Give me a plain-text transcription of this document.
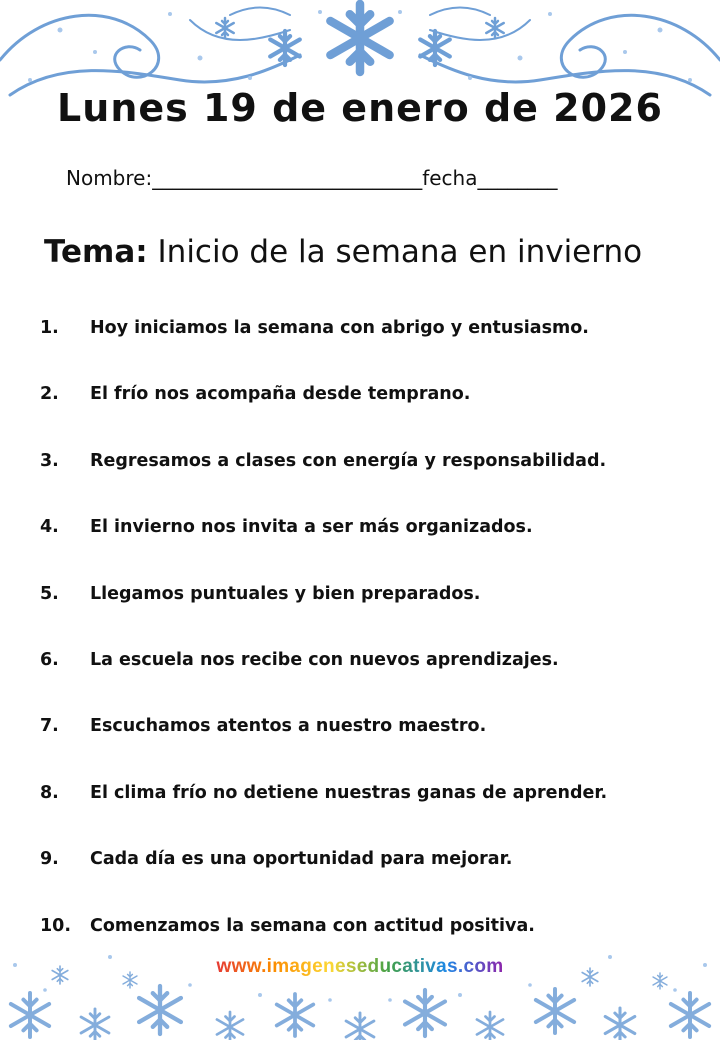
Lunes 19 de enero de 2026
Nombre:___________________________fecha________
Tema: Inicio de la semana en invierno
1.	Hoy iniciamos la semana con abrigo y entusiasmo.
2.	El frío nos acompaña desde temprano.
3.	Regresamos a clases con energía y responsabilidad.
4.	El invierno nos invita a ser más organizados.
5.	Llegamos puntuales y bien preparados.
6.	La escuela nos recibe con nuevos aprendizajes.
7.	Escuchamos atentos a nuestro maestro.
8.	El clima frío no detiene nuestras ganas de aprender.
9.	Cada día es una oportunidad para mejorar.
10.	Comenzamos la semana con actitud positiva.
www.imageneseducativas.com
